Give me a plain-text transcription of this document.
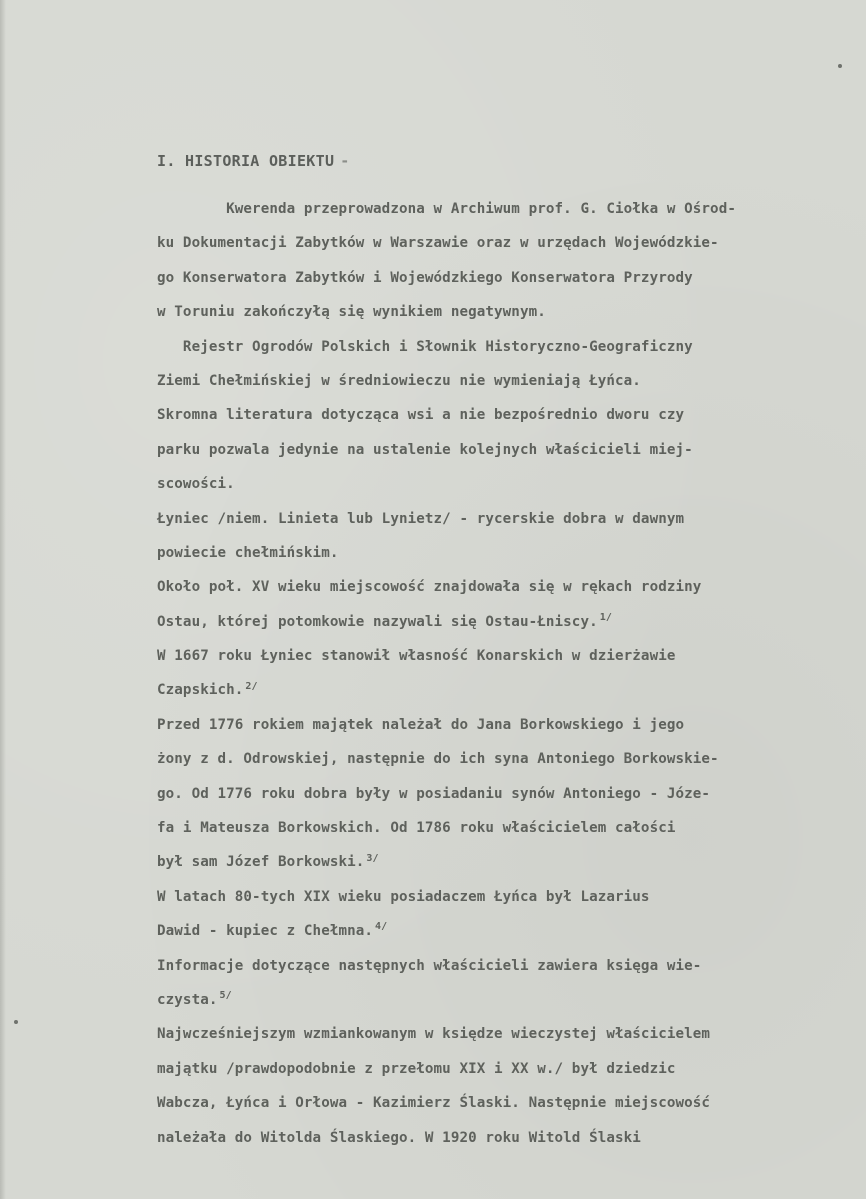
I. HISTORIA OBIEKTU -
Kwerenda przeprowadzona w Archiwum prof. G. Ciołka w Ośrod-
ku Dokumentacji Zabytków w Warszawie oraz w urzędach Wojewódzkie-
go Konserwatora Zabytków i Wojewódzkiego Konserwatora Przyrody
w Toruniu zakończyłą się wynikiem negatywnym.
Rejestr Ogrodów Polskich i Słownik Historyczno-Geograficzny
Ziemi Chełmińskiej w średniowieczu nie wymieniają Łyńca.
Skromna literatura dotycząca wsi a nie bezpośrednio dworu czy
parku pozwala jedynie na ustalenie kolejnych właścicieli miej-
scowości.
Łyniec /niem. Linieta lub Lynietz/ - rycerskie dobra w dawnym
powiecie chełmińskim.
Około poł. XV wieku miejscowość znajdowała się w rękach rodziny
Ostau, której potomkowie nazywali się Ostau-Łniscy. $^{1/}$
W 1667 roku Łyniec stanowił własność Konarskich w dzierżawie
Czapskich. $^{2/}$
Przed 1776 rokiem majątek należał do Jana Borkowskiego i jego
żony z d. Odrowskiej, następnie do ich syna Antoniego Borkowskie-
go. Od 1776 roku dobra były w posiadaniu synów Antoniego - Józe-
fa i Mateusza Borkowskich. Od 1786 roku właścicielem całości
był sam Józef Borkowski. $^{3/}$
W latach 80-tych XIX wieku posiadaczem Łyńca był Lazarius
Dawid - kupiec z Chełmna. $^{4/}$
Informacje dotyczące następnych właścicieli zawiera księga wie-
czysta. $^{5/}$
Najwcześniejszym wzmiankowanym w księdze wieczystej właścicielem
majątku /prawdopodobnie z przełomu XIX i XX w./ był dziedzic
Wabcza, Łyńca i Orłowa - Kazimierz Ślaski. Następnie miejscowość
należała do Witolda Ślaskiego. W 1920 roku Witold Ślaski
